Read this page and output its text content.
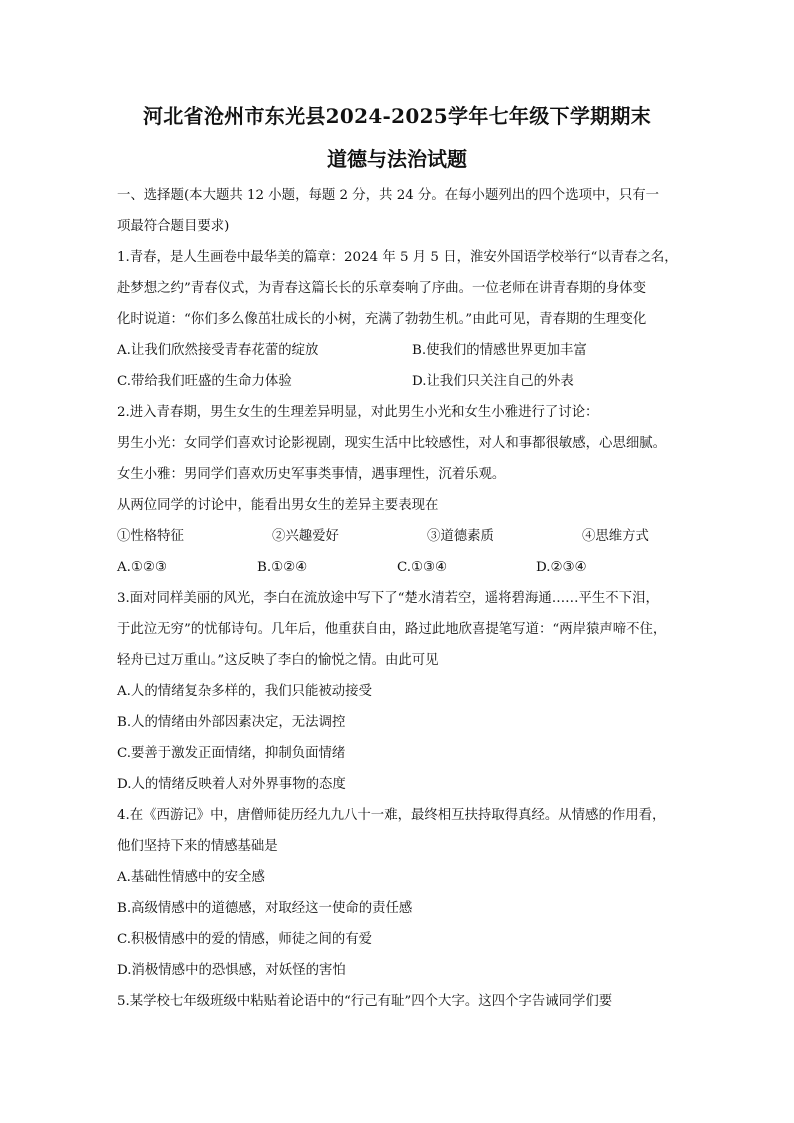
河北省沧州市东光县2024-2025学年七年级下学期期末
道德与法治试题
一、选择题(本大题共 12 小题，每题 2 分，共 24 分。在每小题列出的四个选项中，只有一
项最符合题目要求)
1.青春，是人生画卷中最华美的篇章：2024 年 5 月 5 日，淮安外国语学校举行“以青春之名，
赴梦想之约”青春仪式，为青春这篇长长的乐章奏响了序曲。一位老师在讲青春期的身体变
化时说道：“你们多么像茁壮成长的小树，充满了勃勃生机。”由此可见，青春期的生理变化
A.让我们欣然接受青春花蕾的绽放	B.使我们的情感世界更加丰富
C.带给我们旺盛的生命力体验	D.让我们只关注自己的外表
2.进入青春期，男生女生的生理差异明显，对此男生小光和女生小雅进行了讨论：
男生小光：女同学们喜欢讨论影视剧，现实生活中比较感性，对人和事都很敏感，心思细腻。
女生小雅：男同学们喜欢历史军事类事情，遇事理性，沉着乐观。
从两位同学的讨论中，能看出男女生的差异主要表现在
①性格特征	②兴趣爱好	③道德素质	④思维方式
A.①②③	B.①②④	C.①③④	D.②③④
3.面对同样美丽的风光，李白在流放途中写下了“楚水清若空，遥将碧海通……平生不下泪，
于此泣无穷”的忧郁诗句。几年后，他重获自由，路过此地欣喜提笔写道：“两岸猿声啼不住，
轻舟已过万重山。”这反映了李白的愉悦之情。由此可见
A.人的情绪复杂多样的，我们只能被动接受
B.人的情绪由外部因素决定，无法调控
C.要善于激发正面情绪，抑制负面情绪
D.人的情绪反映着人对外界事物的态度
4.在《西游记》中，唐僧师徒历经九九八十一难，最终相互扶持取得真经。从情感的作用看，
他们坚持下来的情感基础是
A.基础性情感中的安全感
B.高级情感中的道德感，对取经这一使命的责任感
C.积极情感中的爱的情感，师徒之间的有爱
D.消极情感中的恐惧感，对妖怪的害怕
5.某学校七年级班级中粘贴着论语中的“行己有耻”四个大字。这四个字告诫同学们要
